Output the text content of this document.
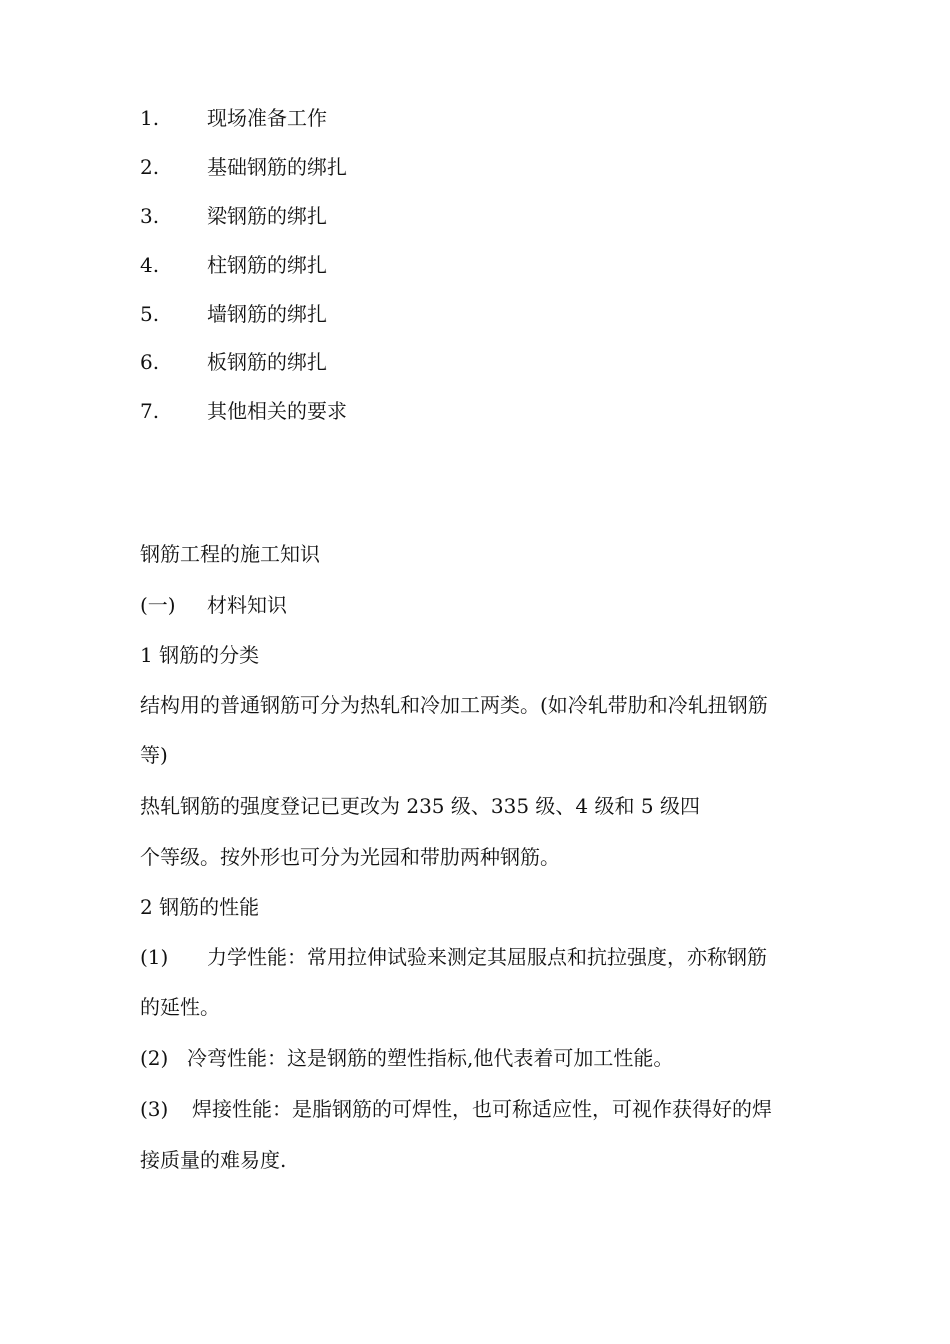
1. 现场准备工作
2. 基础钢筋的绑扎
3. 梁钢筋的绑扎
4. 柱钢筋的绑扎
5. 墙钢筋的绑扎
6. 板钢筋的绑扎
7. 其他相关的要求
钢筋工程的施工知识
(一) 材料知识
1 钢筋的分类
结构用的普通钢筋可分为热轧和冷加工两类。(如冷轧带肋和冷轧扭钢筋
等)
热轧钢筋的强度登记已更改为 235 级、335 级、4 级和 5 级四
个等级。按外形也可分为光园和带肋两种钢筋。
2 钢筋的性能
(1) 力学性能：常用拉伸试验来测定其屈服点和抗拉强度，亦称钢筋
的延性。
(2) 冷弯性能：这是钢筋的塑性指标,他代表着可加工性能。
(3) 焊接性能：是脂钢筋的可焊性，也可称适应性，可视作获得好的焊
接质量的难易度.
